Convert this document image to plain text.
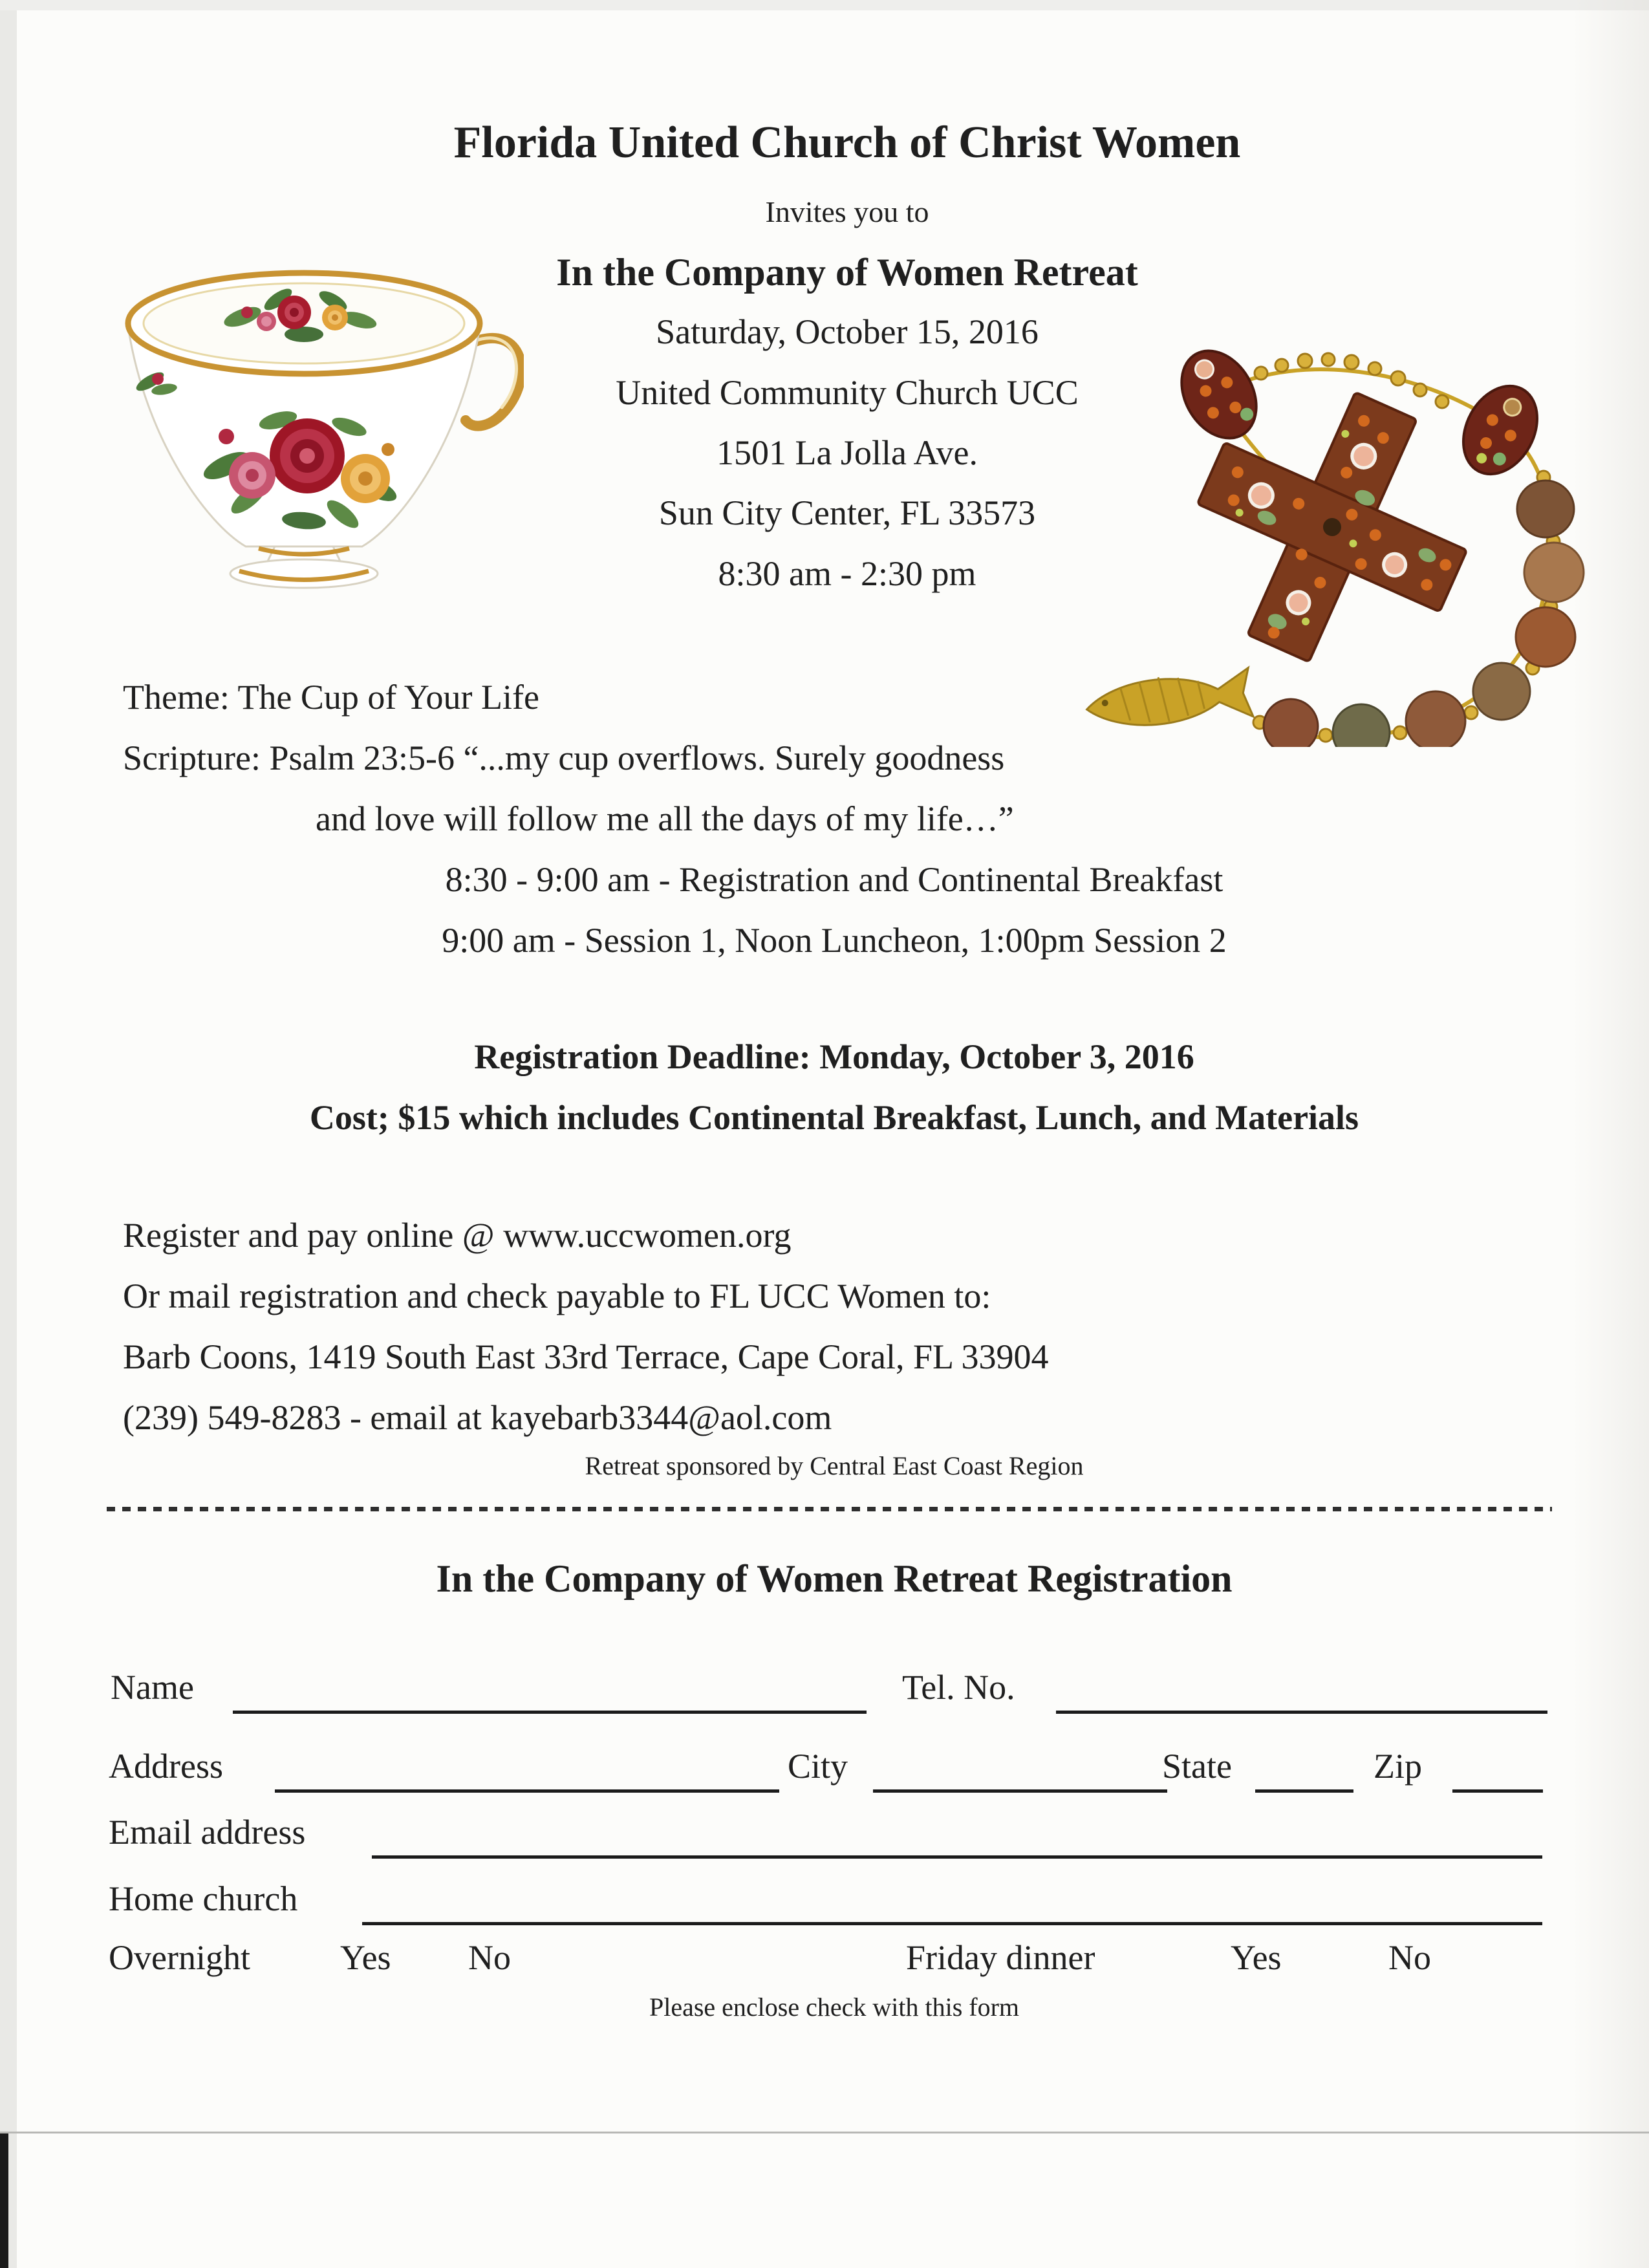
Florida United Church of Christ Women
Invites you to
In the Company of Women Retreat
Saturday, October 15, 2016
United Community Church UCC
1501 La Jolla Ave.
Sun City Center, FL 33573
8:30 am - 2:30 pm
Theme: The Cup of Your Life
Scripture: Psalm 23:5-6 “...my cup overflows. Surely goodness
and love will follow me all the days of my life…”
8:30 - 9:00 am - Registration and Continental Breakfast
9:00 am - Session 1, Noon Luncheon, 1:00pm Session 2
Registration Deadline: Monday, October 3, 2016
Cost; $15 which includes Continental Breakfast, Lunch, and Materials
Register and pay online @ www.uccwomen.org
Or mail registration and check payable to FL UCC Women to:
Barb Coons, 1419 South East 33rd Terrace, Cape Coral, FL 33904
(239) 549-8283 - email at kayebarb3344@aol.com
Retreat sponsored by Central East Coast Region
In the Company of Women Retreat Registration
Name	Tel. No.
Address	City	State	Zip
Email address
Home church
Overnight	Yes No	Friday dinner	Yes	No
Please enclose check with this form
